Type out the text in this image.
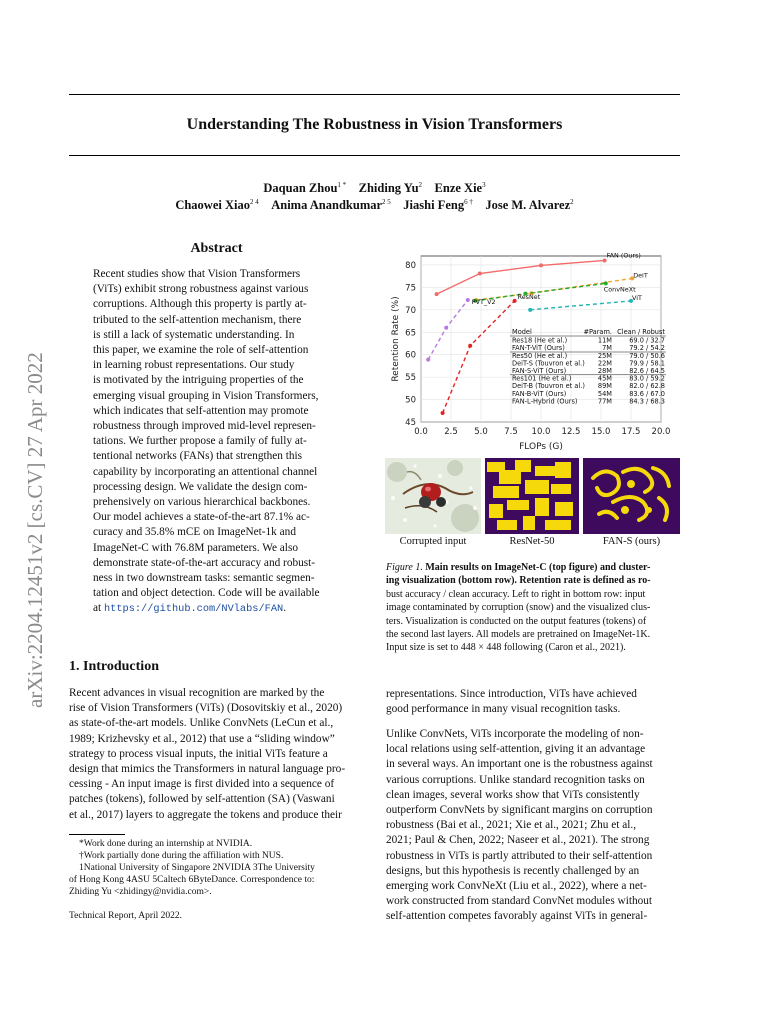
arXiv:2204.12451v2 [cs.CV] 27 Apr 2022
Understanding The Robustness in Vision Transformers
Daquan Zhou$^{1 *}$  Zhiding Yu$^2$  Enze Xie$^3$
Chaowei Xiao$^{2 4}$  Anima Anandkumar$^{2 5}$  Jiashi Feng$^{6 \dagger}$  Jose M. Alvarez$^2$
Abstract
Recent studies show that Vision Transformers
(ViTs) exhibit strong robustness against various
corruptions. Although this property is partly at-
tributed to the self-attention mechanism, there
is still a lack of systematic understanding. In
this paper, we examine the role of self-attention
in learning robust representations. Our study
is motivated by the intriguing properties of the
emerging visual grouping in Vision Transformers,
which indicates that self-attention may promote
robustness through improved mid-level represen-
tations. We further propose a family of fully at-
tentional networks (FANs) that strengthen this
capability by incorporating an attentional channel
processing design. We validate the design com-
prehensively on various hierarchical backbones.
Our model achieves a state-of-the-art 87.1% ac-
curacy and 35.8% mCE on ImageNet-1k and
ImageNet-C with 76.8M parameters. We also
demonstrate state-of-the-art accuracy and robust-
ness in two downstream tasks: semantic segmen-
tation and object detection. Code will be available
at https://github.com/NVlabs/FAN.
1. Introduction
Recent advances in visual recognition are marked by the
rise of Vision Transformers (ViTs) (Dosovitskiy et al., 2020)
as state-of-the-art models. Unlike ConvNets (LeCun et al.,
1989; Krizhevsky et al., 2012) that use a “sliding window”
strategy to process visual inputs, the initial ViTs feature a
design that mimics the Transformers in natural language pro-
cessing - An input image is first divided into a sequence of
patches (tokens), followed by self-attention (SA) (Vaswani
et al., 2017) layers to aggregate the tokens and produce their
*Work done during an internship at NVIDIA.
†Work partially done during the affiliation with NUS.
1National University of Singapore 2NVIDIA 3The University
of Hong Kong 4ASU 5Caltech 6ByteDance. Correspondence to:
Zhiding Yu <zhidingy@nvidia.com>.
Technical Report, April 2022.
representations. Since introduction, ViTs have achieved
good performance in many visual recognition tasks.
Unlike ConvNets, ViTs incorporate the modeling of non-
local relations using self-attention, giving it an advantage
in several ways. An important one is the robustness against
various corruptions. Unlike standard recognition tasks on
clean images, several works show that ViTs consistently
outperform ConvNets by significant margins on corruption
robustness (Bai et al., 2021; Xie et al., 2021; Zhu et al.,
2021; Paul & Chen, 2022; Naseer et al., 2021). The strong
robustness in ViTs is partly attributed to their self-attention
designs, but this hypothesis is recently challenged by an
emerging work ConvNeXt (Liu et al., 2022), where a net-
work constructed from standard ConvNet modules without
self-attention competes favorably against ViTs in general-
0.0 2.5 5.0 7.5 10.0 12.5 15.0 17.5 20.0
45
50
55
60
65
70
75
80
FLOPs (G)
Retention Rate (%)
FAN (Ours)
DeiT
ConvNeXt
ViT
PVT_V2
ResNet
Model	#Param. Clean / Robust
Res18 (He et al.)	11M	69.0 / 32.7
FAN-T-ViT (Ours)	7M	79.2 / 54.2
Res50 (He et al.)	25M	79.0 / 50.6
DeiT-S (Touvron et al.) 22M	79.9 / 58.1
FAN-S-ViT (Ours)	28M	82.6 / 64.5
Res101 (He et al.)	45M	83.0 / 59.2
DeiT-B (Touvron et al.) 89M	82.0 / 62.8
FAN-B-ViT (Ours)	54M	83.6 / 67.0
FAN-L-Hybrid (Ours)	77M	84.3 / 68.3
Corrupted input	ResNet-50	FAN-S (ours)
Figure 1. Main results on ImageNet-C (top figure) and cluster-
ing visualization (bottom row). Retention rate is defined as ro-
bust accuracy / clean accuracy. Left to right in bottom row: input
image contaminated by corruption (snow) and the visualized clus-
ters. Visualization is conducted on the output features (tokens) of
the second last layers. All models are pretrained on ImageNet-1K.
Input size is set to 448 × 448 following (Caron et al., 2021).
